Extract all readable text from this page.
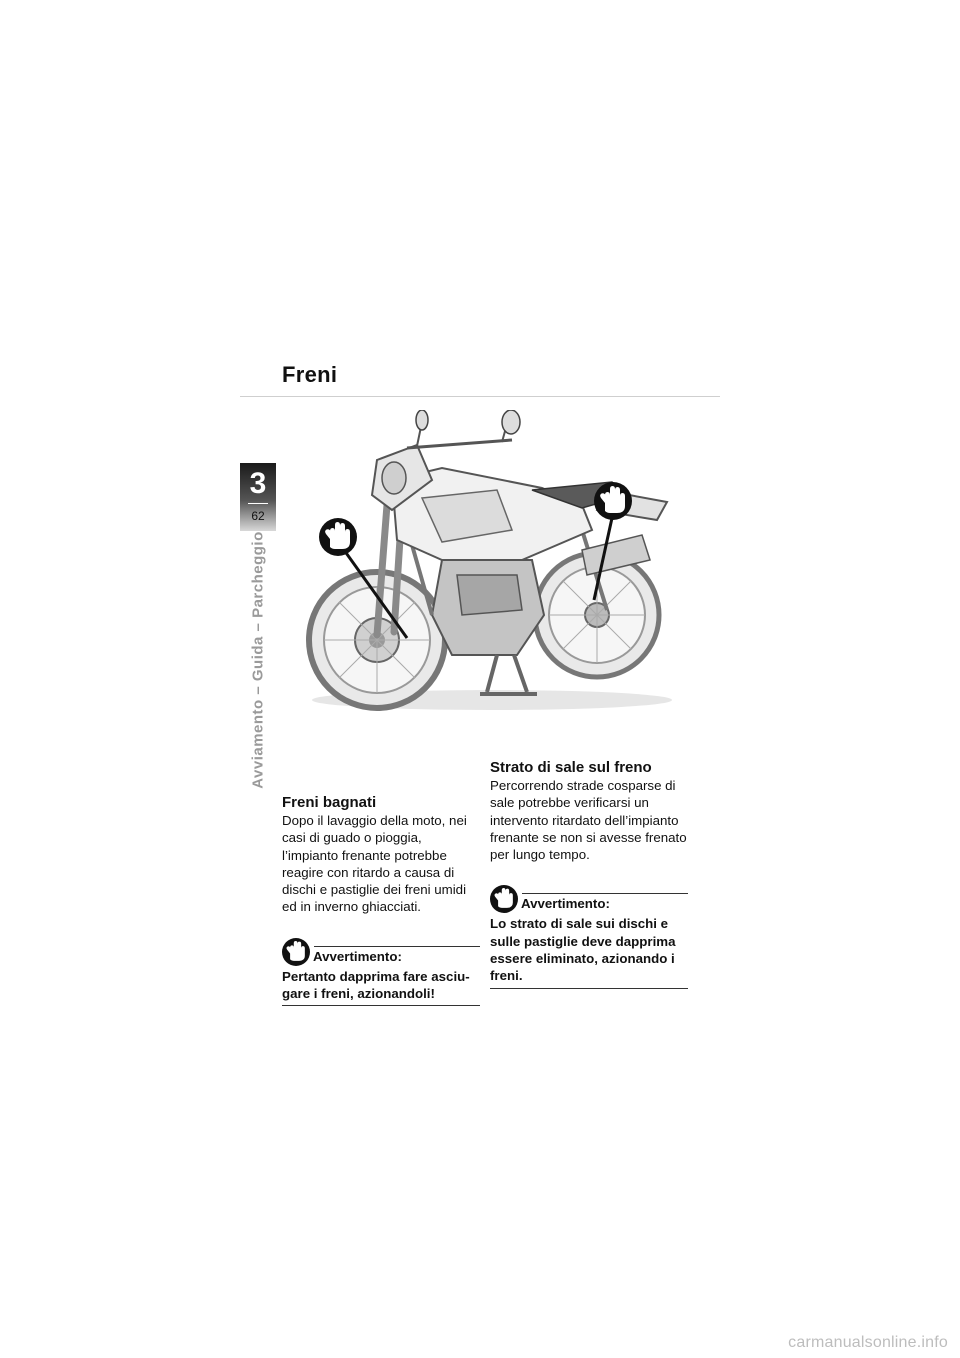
Freni
3
62
Avviamento – Guida – Parcheggio
Freni bagnati

Dopo il lavaggio della moto, nei casi di guado o pioggia, l’impianto frenante potrebbe reagire con ritardo a causa di dischi e pastiglie dei freni umidi ed in inverno ghiacciati.

Avvertimento:

Pertanto dapprima fare asciu- gare i freni, azionandoli!

Strato di sale sul freno

Percorrendo strade cosparse di sale potrebbe verificarsi un intervento ritardato dell’impianto frenante se non si avesse frenato per lungo tempo.

Avvertimento:

Lo strato di sale sui dischi e sulle pastiglie deve dapprima essere eliminato, azionando i freni.

carmanualsonline.info
